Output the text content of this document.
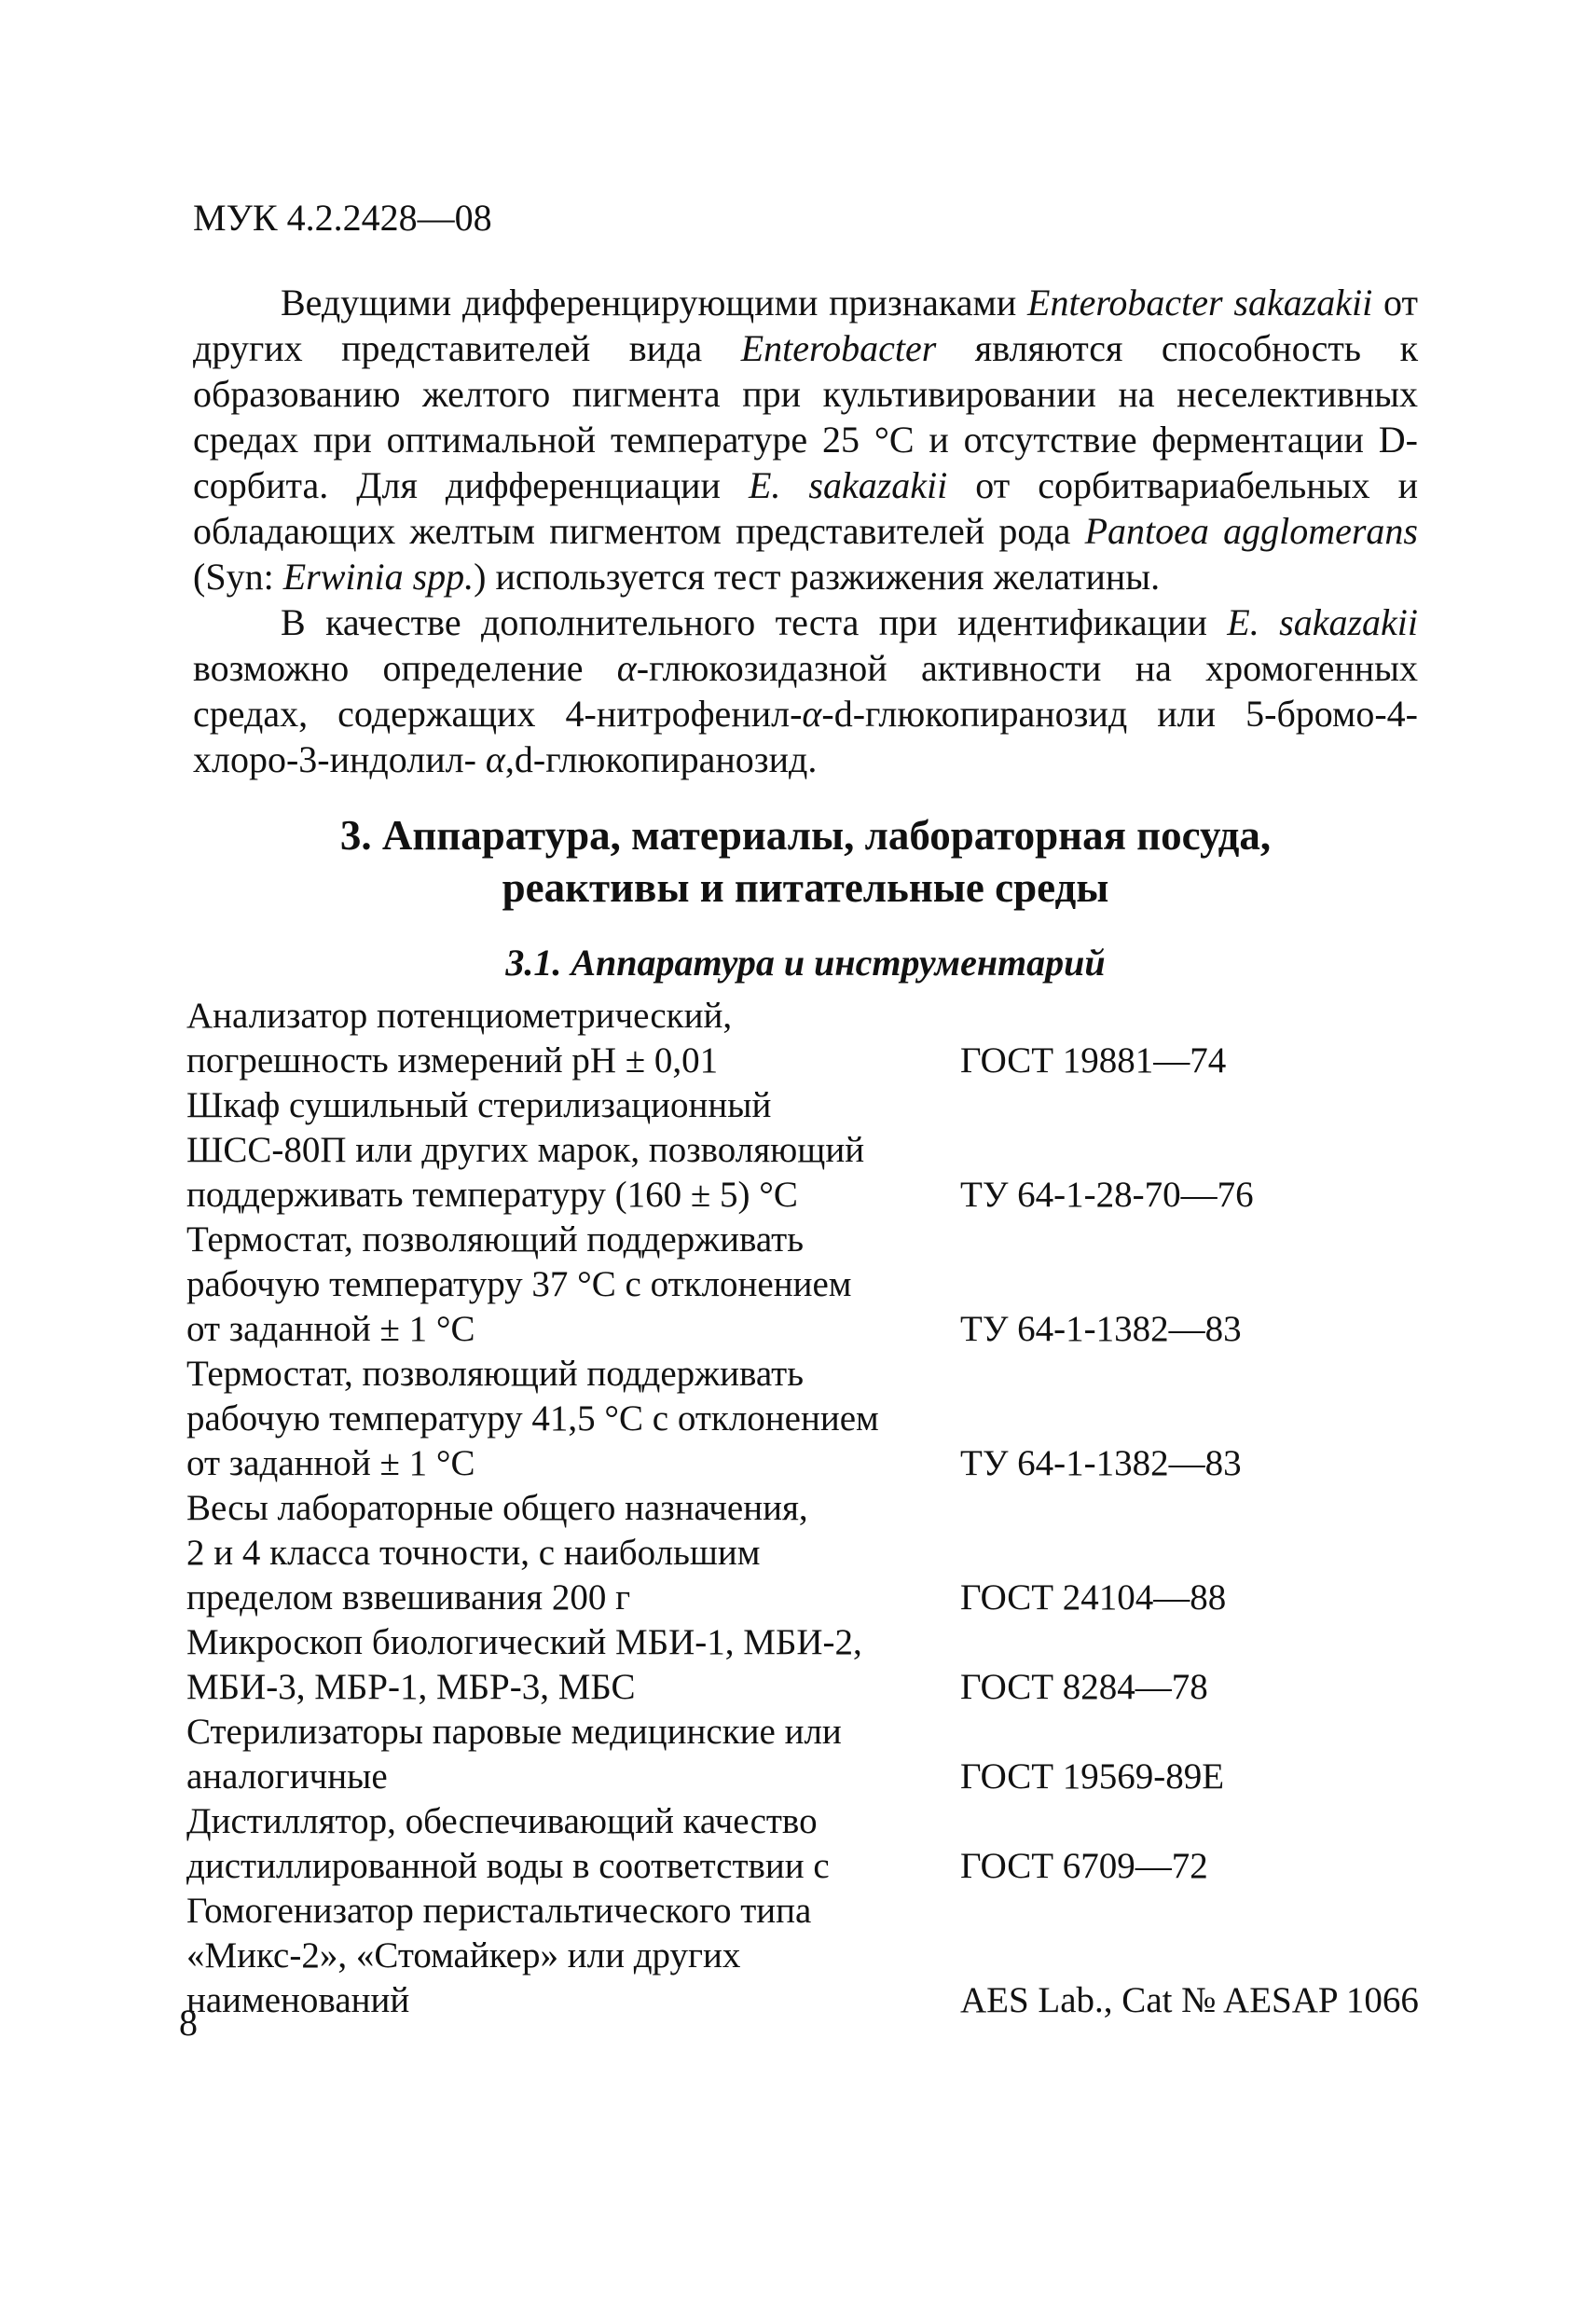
МУК 4.2.2428—08

Ведущими дифференцирующими признаками Enterobacter sakazakii от других представителей вида Enterobacter являются способность к образованию желтого пигмента при культивировании на неселективных средах при оптимальной температуре 25 °С и отсутствие ферментации D-сорбита. Для дифференциации E. sakazakii от сорбитвариабельных и обладающих желтым пигментом представителей рода Pantoea agglomerans (Syn: Erwinia spp.) используется тест разжижения желатины.

В качестве дополнительного теста при идентификации E. sakazakii возможно определение α-глюкозидазной активности на хромогенных средах, содержащих 4-нитрофенил-α-d-глюкопиранозид или 5-бромо-4-хлоро-3-индолил- α,d-глюкопиранозид.

3. Аппаратура, материалы, лабораторная посуда,
реактивы и питательные среды
3.1. Аппаратура и инструментарий
Анализатор потенциометрический,
погрешность измерений рН ± 0,01	ГОСТ 19881—74
Шкаф сушильный стерилизационный
ШСС-80П или других марок, позволяющий
поддерживать температуру (160 ± 5) °С	ТУ 64-1-28-70—76
Термостат, позволяющий поддерживать
рабочую температуру 37 °С с отклонением
от заданной ± 1 °С	ТУ 64-1-1382—83
Термостат, позволяющий поддерживать
рабочую температуру 41,5 °С с отклонением
от заданной ± 1 °С	ТУ 64-1-1382—83
Весы лабораторные общего назначения,
2 и 4 класса точности, с наибольшим
пределом взвешивания 200 г	ГОСТ 24104—88
Микроскоп биологический МБИ-1, МБИ-2,
МБИ-3, МБР-1, МБР-3, МБС	ГОСТ 8284—78
Стерилизаторы паровые медицинские или
аналогичные	ГОСТ 19569-89Е
Дистиллятор, обеспечивающий качество
дистиллированной воды в соответствии с	ГОСТ 6709—72
Гомогенизатор перистальтического типа
«Микс-2», «Стомайкер» или других
наименований	AES Lab., Cat № AESAP 1066
8
